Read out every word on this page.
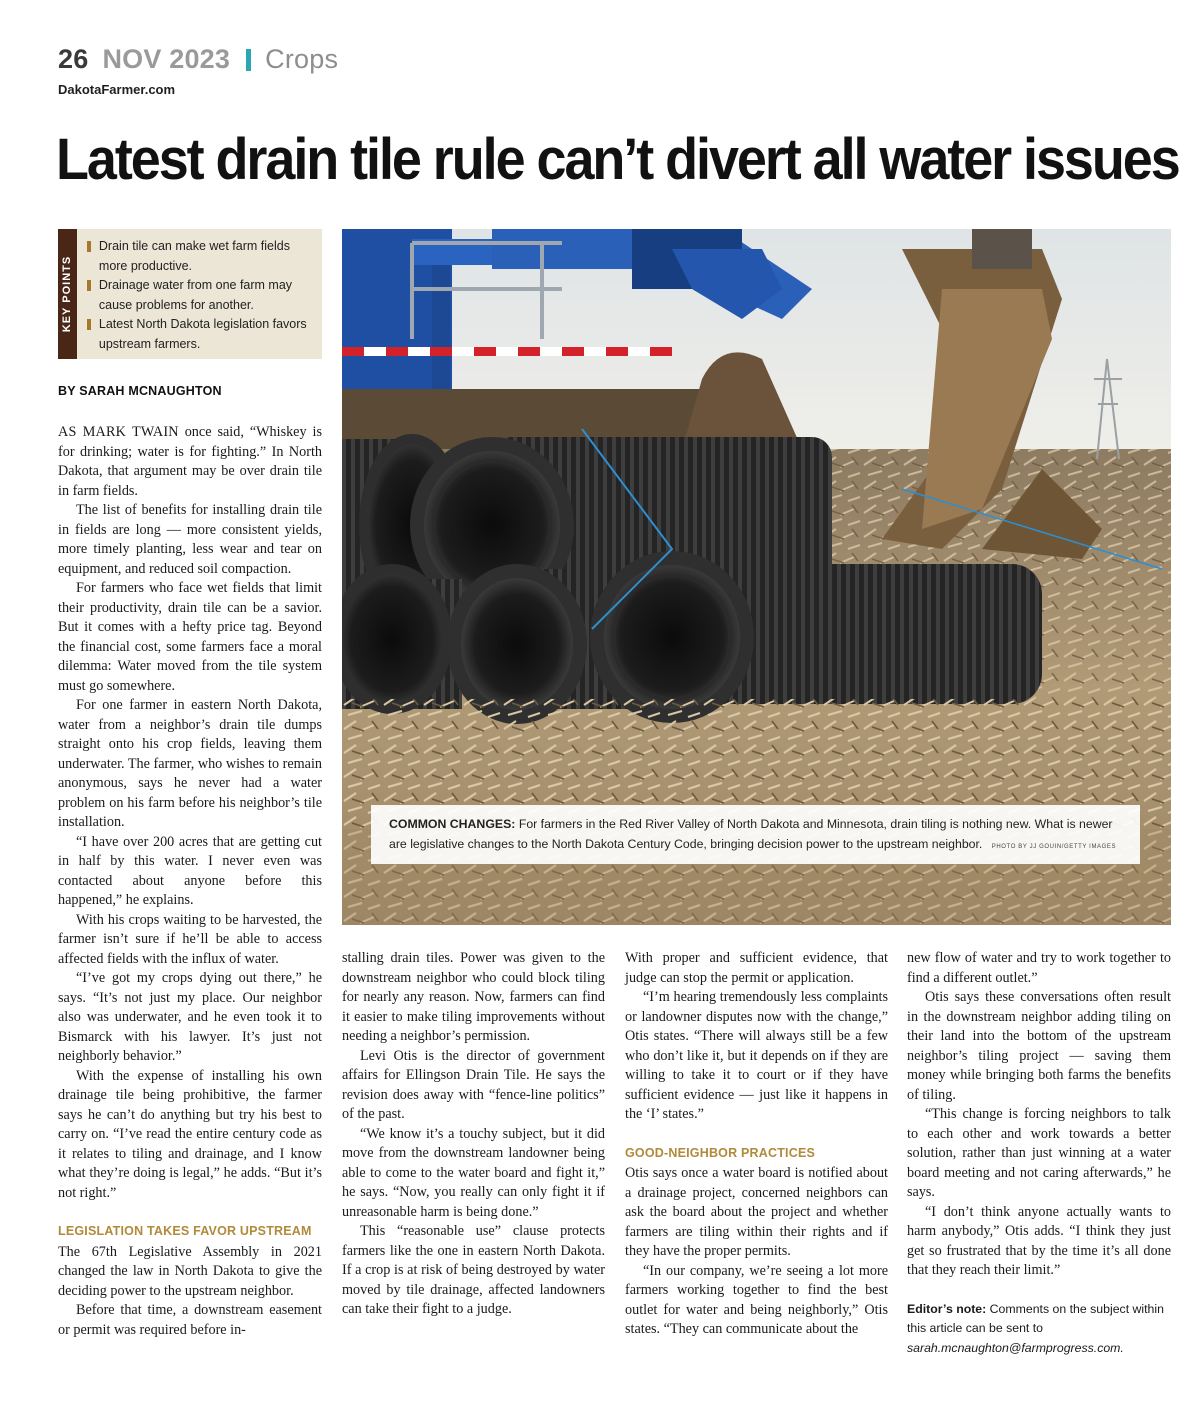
26 NOV 2023 Crops
DakotaFarmer.com
Latest drain tile rule can’t divert all water issues
KEY POINTS
Drain tile can make wet farm fields more productive.
Drainage water from one farm may cause problems for another.
Latest North Dakota legislation favors upstream farmers.
BY SARAH MCNAUGHTON

AS MARK TWAIN once said, “Whiskey is for drinking; water is for fighting.” In North Dakota, that argument may be over drain tile in farm fields.

The list of benefits for installing drain tile in fields are long — more consistent yields, more timely planting, less wear and tear on equipment, and reduced soil compaction.

For farmers who face wet fields that limit their productivity, drain tile can be a savior. But it comes with a hefty price tag. Beyond the financial cost, some farmers face a moral dilemma: Water moved from the tile system must go somewhere.

For one farmer in eastern North Dakota, water from a neighbor’s drain tile dumps straight onto his crop fields, leaving them underwater. The farmer, who wishes to remain anonymous, says he never had a water problem on his farm before his neighbor’s tile installation.

“I have over 200 acres that are getting cut in half by this water. I never even was contacted about anyone before this happened,” he explains.

With his crops waiting to be harvested, the farmer isn’t sure if he’ll be able to access affected fields with the influx of water.

“I’ve got my crops dying out there,” he says. “It’s not just my place. Our neighbor also was underwater, and he even took it to Bismarck with his lawyer. It’s just not neighborly behavior.”

With the expense of installing his own drainage tile being prohibitive, the farmer says he can’t do anything but try his best to carry on. “I’ve read the entire century code as it relates to tiling and drainage, and I know what they’re doing is legal,” he adds. “But it’s not right.”

LEGISLATION TAKES FAVOR UPSTREAM

The 67th Legislative Assembly in 2021 changed the law in North Dakota to give the deciding power to the upstream neighbor.

Before that time, a downstream easement or permit was required before in-

COMMON CHANGES: For farmers in the Red River Valley of North Dakota and Minnesota, drain tiling is nothing new. What is newer are legislative changes to the North Dakota Century Code, bringing decision power to the upstream neighbor. PHOTO BY JJ GOUIN/GETTY IMAGES

stalling drain tiles. Power was given to the downstream neighbor who could block tiling for nearly any reason. Now, farmers can find it easier to make tiling improvements without needing a neighbor’s permission.

Levi Otis is the director of government affairs for Ellingson Drain Tile. He says the revision does away with “fence-line politics” of the past.

“We know it’s a touchy subject, but it did move from the downstream landowner being able to come to the water board and fight it,” he says. “Now, you really can only fight it if unreasonable harm is being done.”

This “reasonable use” clause protects farmers like the one in eastern North Dakota. If a crop is at risk of being destroyed by water moved by tile drainage, affected landowners can take their fight to a judge.

With proper and sufficient evidence, that judge can stop the permit or application.

“I’m hearing tremendously less complaints or landowner disputes now with the change,” Otis states. “There will always still be a few who don’t like it, but it depends on if they are willing to take it to court or if they have sufficient evidence — just like it happens in the ‘I’ states.”

GOOD-NEIGHBOR PRACTICES

Otis says once a water board is notified about a drainage project, concerned neighbors can ask the board about the project and whether farmers are tiling within their rights and if they have the proper permits.

“In our company, we’re seeing a lot more farmers working together to find the best outlet for water and being neighborly,” Otis states. “They can communicate about the

new flow of water and try to work together to find a different outlet.”

Otis says these conversations often result in the downstream neighbor adding tiling on their land into the bottom of the upstream neighbor’s tiling project — saving them money while bringing both farms the benefits of tiling.

“This change is forcing neighbors to talk to each other and work towards a better solution, rather than just winning at a water board meeting and not caring afterwards,” he says.

“I don’t think anyone actually wants to harm anybody,” Otis adds. “I think they just get so frustrated that by the time it’s all done that they reach their limit.”

Editor’s note: Comments on the subject within this article can be sent to sarah.mcnaughton@farmprogress.com.
